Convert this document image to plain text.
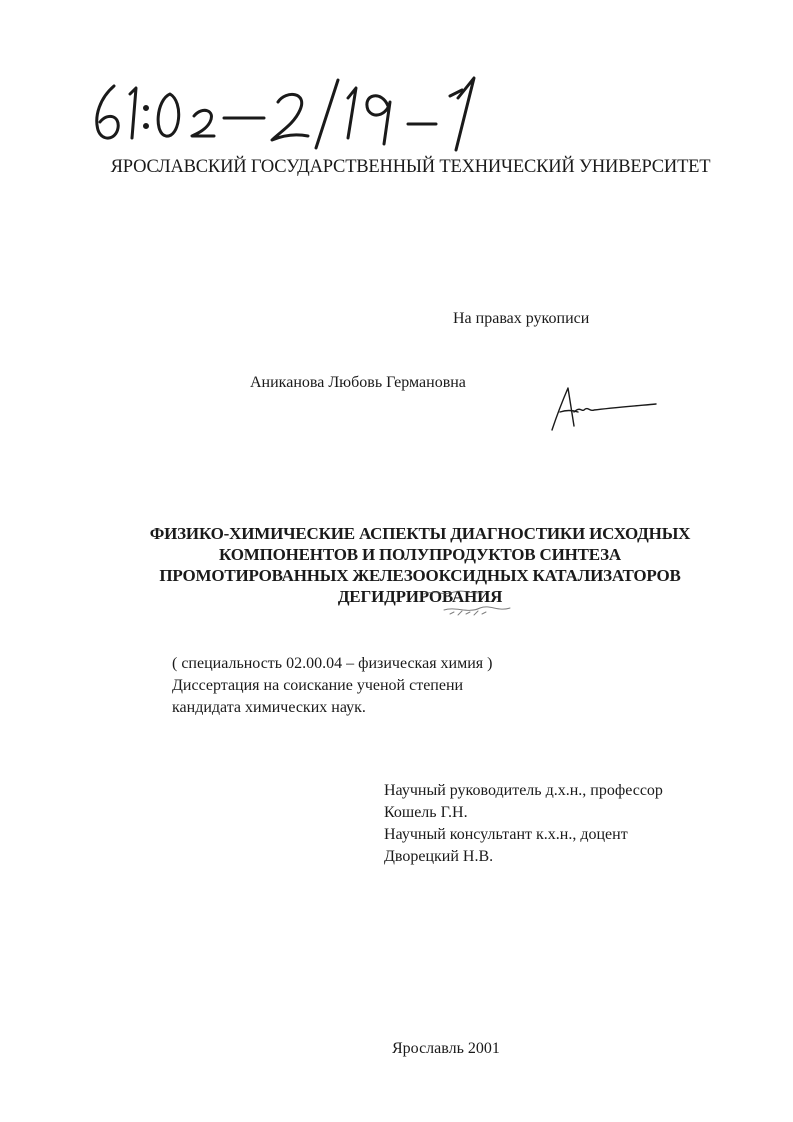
ЯРОСЛАВСКИЙ ГОСУДАРСТВЕННЫЙ ТЕХНИЧЕСКИЙ УНИВЕРСИТЕТ
На правах рукописи
Аниканова Любовь Германовна
ФИЗИКО-ХИМИЧЕСКИЕ АСПЕКТЫ ДИАГНОСТИКИ ИСХОДНЫХ
КОМПОНЕНТОВ И ПОЛУПРОДУКТОВ СИНТЕЗА
ПРОМОТИРОВАННЫХ ЖЕЛЕЗООКСИДНЫХ КАТАЛИЗАТОРОВ
ДЕГИДРИРОВАНИЯ
( специальность 02.00.04 – физическая химия )
Диссертация на соискание ученой степени
кандидата химических наук.
Научный руководитель д.х.н., профессор
Кошель Г.Н.
Научный консультант к.х.н., доцент
Дворецкий Н.В.
Ярославль 2001
